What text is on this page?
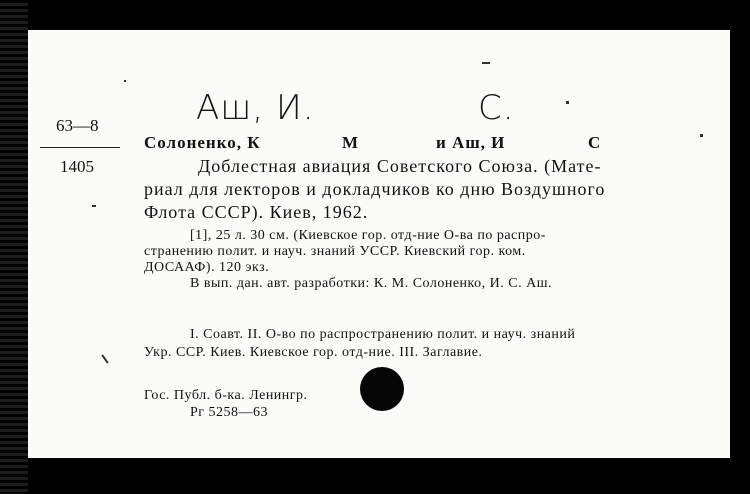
Аш, И.	С.
63—8
1405
Солоненко, К	М	и Аш, И	С
Доблестная авиация Советского Союза. (Мате-
риал для лекторов и докладчиков ко дню Воздушного
Флота СССР). Киев, 1962.
[1], 25 л. 30 см. (Киевское гор. отд-ние О-ва по распро-
странению полит. и науч. знаний УССР. Киевский гор. ком.
ДОСААФ). 120 экз.
В вып. дан. авт. разработки: К. М. Солоненко, И. С. Аш.
I. Соавт. II. О-во по распространению полит. и науч. знаний
Укр. ССР. Киев. Киевское гор. отд-ние. III. Заглавие.
Гос. Публ. б-ка. Ленингр.
Рг 5258—63
